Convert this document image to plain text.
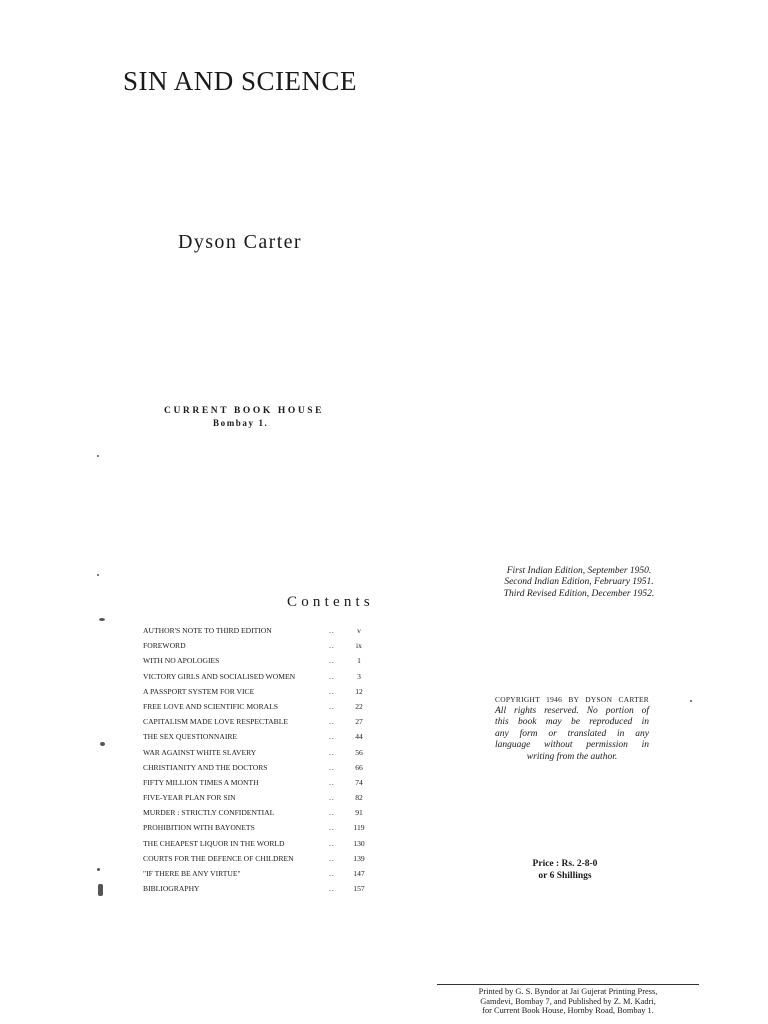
SIN AND SCIENCE
Dyson Carter
CURRENT BOOK HOUSE
Bombay 1.
Contents
AUTHOR'S NOTE TO THIRD EDITION	..	v
FOREWORD	..	ix
WITH NO APOLOGIES	..	1
VICTORY GIRLS AND SOCIALISED WOMEN	..	3
A PASSPORT SYSTEM FOR VICE	..	12
FREE LOVE AND SCIENTIFIC MORALS	..	22
CAPITALISM MADE LOVE RESPECTABLE	..	27
THE SEX QUESTIONNAIRE	..	44
WAR AGAINST WHITE SLAVERY	..	56
CHRISTIANITY AND THE DOCTORS	..	66
FIFTY MILLION TIMES A MONTH	..	74
FIVE-YEAR PLAN FOR SIN	..	82
MURDER : STRICTLY CONFIDENTIAL	..	91
PROHIBITION WITH BAYONETS	..	119
THE CHEAPEST LIQUOR IN THE WORLD	..	130
COURTS FOR THE DEFENCE OF CHILDREN	..	139
"IF THERE BE ANY VIRTUE"	..	147
BIBLIOGRAPHY	..	157
First Indian Edition, September 1950.
Second Indian Edition, February 1951.
Third Revised Edition, December 1952.
COPYRIGHT 1946 BY DYSON CARTER
All rights reserved. No portion of
this book may be reproduced in
any form or translated in any
language without permission in
writing from the author.
Price : Rs. 2-8-0
or 6 Shillings
Printed by G. S. Byndor at Jai Gujerat Printing Press,
Gamdevi, Bombay 7, and Published by Z. M. Kadri,
for Current Book House, Hornby Road, Bombay 1.
